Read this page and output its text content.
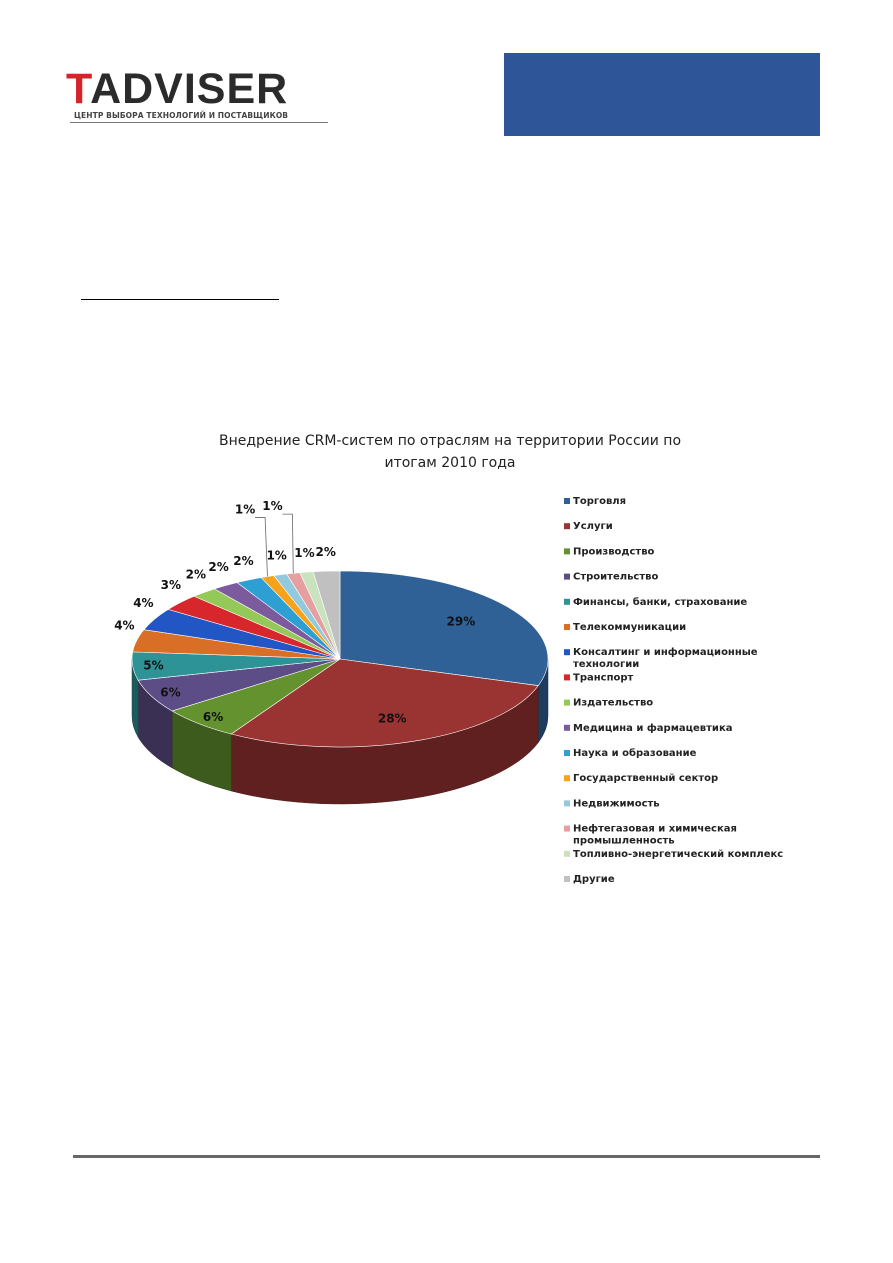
TADVISER
ЦЕНТР ВЫБОРА ТЕХНОЛОГИЙ И ПОСТАВЩИКОВ
Внедрение CRM-систем по отраслям на территории России по
итогам 2010 года
29%
28%
6%
6%
5%
4%
4%
3%
2%
2% 2%
1%
1%
1%
1% 2%
Торговля
Услуги
Производство
Строительство
Финансы, банки, страхование
Телекоммуникации
Консалтинг и информационные технологии
Транспорт
Издательство
Медицина и фармацевтика
Наука и образование
Государственный сектор
Недвижимость
Нефтегазовая и химическая промышленность
Топливно-энергетический комплекс
Другие
